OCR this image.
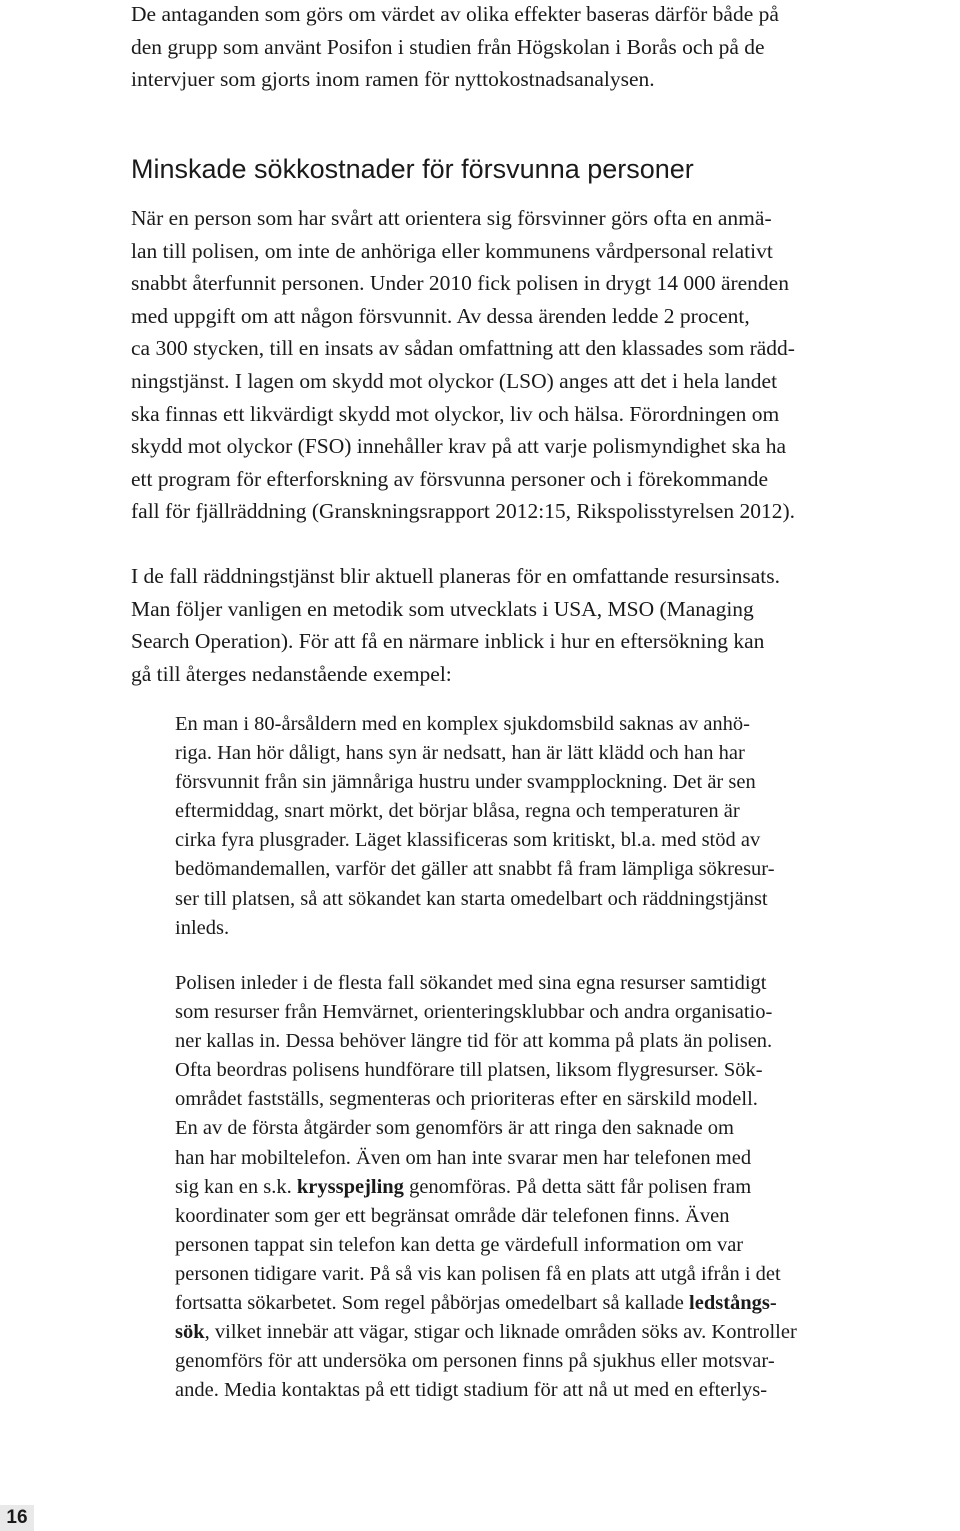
De antaganden som görs om värdet av olika effekter baseras därför både på
den grupp som använt Posifon i studien från Högskolan i Borås och på de
intervjuer som gjorts inom ramen för nyttokostnadsanalysen.
Minskade sökkostnader för försvunna personer
När en person som har svårt att orientera sig försvinner görs ofta en anmä-
lan till polisen, om inte de anhöriga eller kommunens vårdpersonal relativt
snabbt återfunnit personen. Under 2010 fick polisen in drygt 14 000 ärenden
med uppgift om att någon försvunnit. Av dessa ärenden ledde 2 procent,
ca 300 stycken, till en insats av sådan omfattning att den klassades som rädd-
ningstjänst. I lagen om skydd mot olyckor (LSO) anges att det i hela landet
ska finnas ett likvärdigt skydd mot olyckor, liv och hälsa. Förordningen om
skydd mot olyckor (FSO) innehåller krav på att varje polismyndighet ska ha
ett program för efterforskning av försvunna personer och i förekommande
fall för fjällräddning (Granskningsrapport 2012:15, Rikspolisstyrelsen 2012).
I de fall räddningstjänst blir aktuell planeras för en omfattande resursinsats.
Man följer vanligen en metodik som utvecklats i USA, MSO (Managing
Search Operation). För att få en närmare inblick i hur en eftersökning kan
gå till återges nedanstående exempel:
En man i 80-årsåldern med en komplex sjukdomsbild saknas av anhö-
riga. Han hör dåligt, hans syn är nedsatt, han är lätt klädd och han har
försvunnit från sin jämnåriga hustru under svampplockning. Det är sen
eftermiddag, snart mörkt, det börjar blåsa, regna och temperaturen är
cirka fyra plusgrader. Läget klassificeras som kritiskt, bl.a. med stöd av
bedömandemallen, varför det gäller att snabbt få fram lämpliga sökresur-
ser till platsen, så att sökandet kan starta omedelbart och räddningstjänst
inleds.
Polisen inleder i de flesta fall sökandet med sina egna resurser samtidigt
som resurser från Hemvärnet, orienteringsklubbar och andra organisatio-
ner kallas in. Dessa behöver längre tid för att komma på plats än polisen.
Ofta beordras polisens hundförare till platsen, liksom flygresurser. Sök-
området fastställs, segmenteras och prioriteras efter en särskild modell.
En av de första åtgärder som genomförs är att ringa den saknade om
han har mobiltelefon. Även om han inte svarar men har telefonen med
sig kan en s.k. krysspejling genomföras. På detta sätt får polisen fram
koordinater som ger ett begränsat område där telefonen finns. Även
personen tappat sin telefon kan detta ge värdefull information om var
personen tidigare varit. På så vis kan polisen få en plats att utgå ifrån i det
fortsatta sökarbetet. Som regel påbörjas omedelbart så kallade ledstångs-
sök, vilket innebär att vägar, stigar och liknade områden söks av. Kontroller
genomförs för att undersöka om personen finns på sjukhus eller motsvar-
ande. Media kontaktas på ett tidigt stadium för att nå ut med en efterlys-
16
